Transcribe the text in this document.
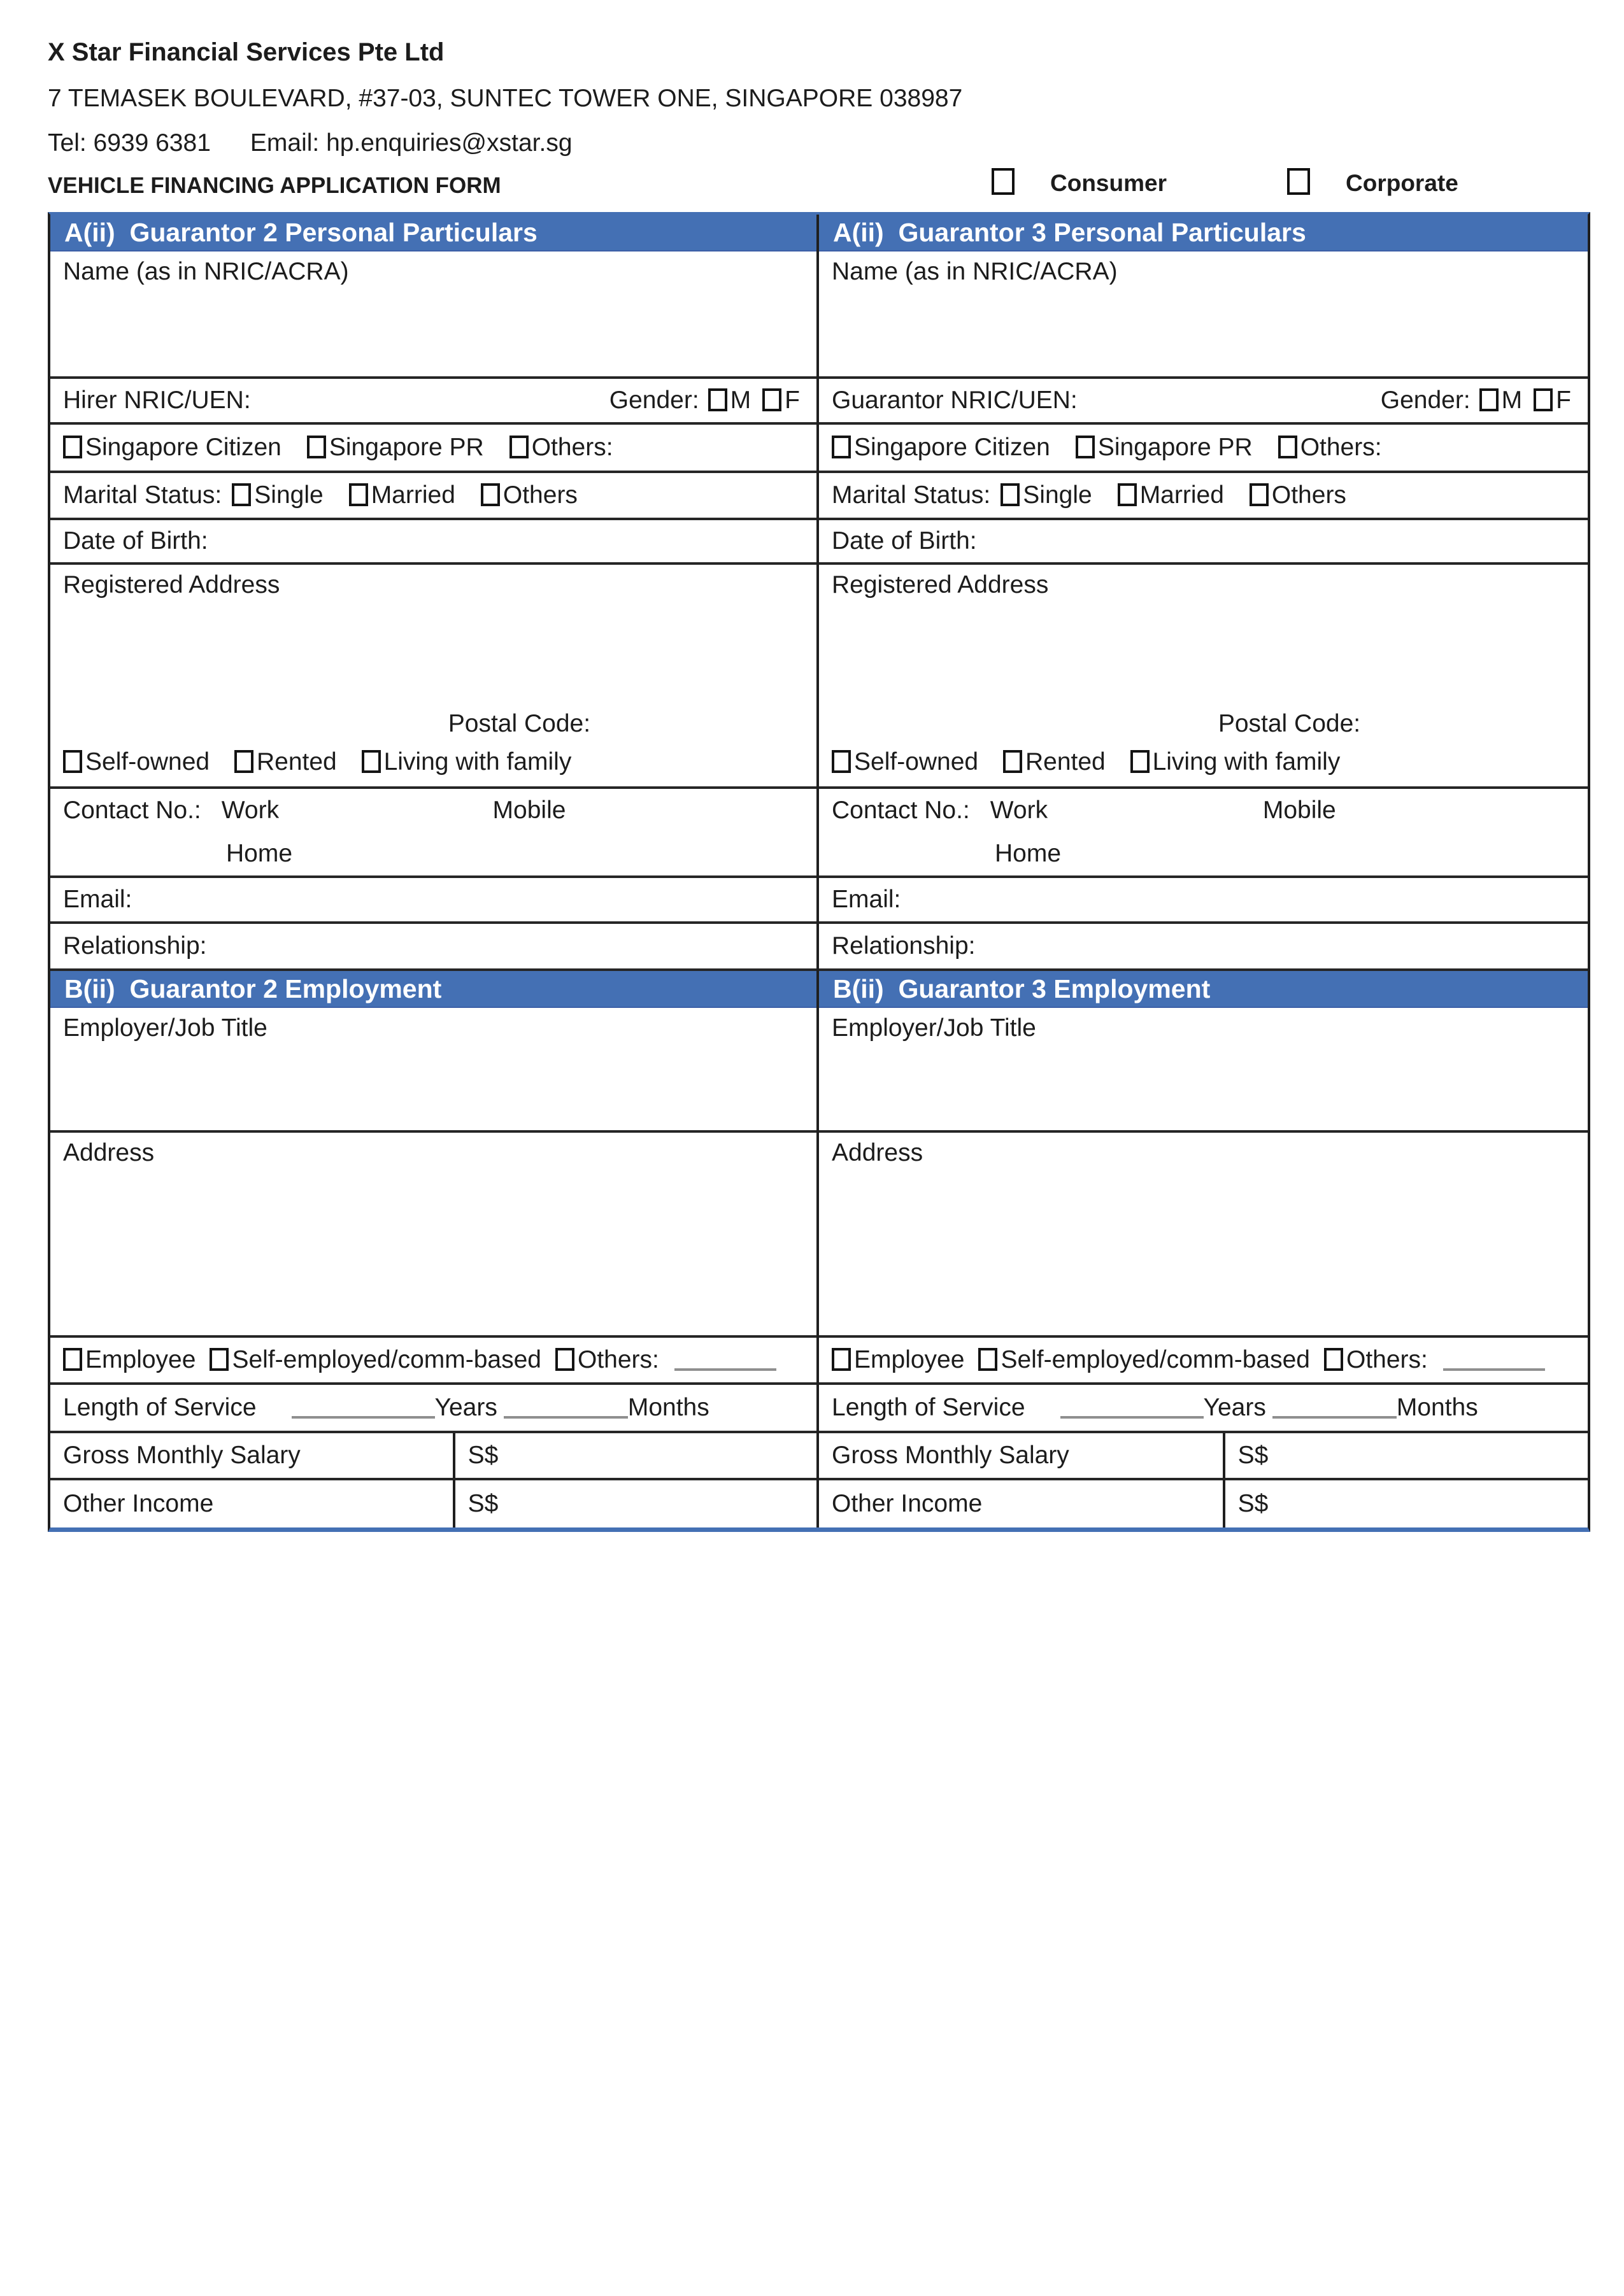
X Star Financial Services Pte Ltd
7 TEMASEK BOULEVARD, #37-03, SUNTEC TOWER ONE, SINGAPORE 038987
Tel: 6939 6381 Email: hp.enquiries@xstar.sg
VEHICLE FINANCING APPLICATION FORM	Consumer	Corporate
A(ii)  Guarantor 2 Personal Particulars
Name (as in NRIC/ACRA)
Hirer NRIC/UEN:	Gender: M F
Singapore Citizen	Singapore PR	Others:
Marital Status:	Single	Married	Others
Date of Birth:
Registered Address
Postal Code:
Self-owned Rented Living with family
Contact No.: Work	Mobile
Home
Email:
Relationship:
B(ii)  Guarantor 2 Employment
Employer/Job Title
Address
Employee	Self-employed/comm-based	Others:
Length of Service	Years	Months
Gross Monthly Salary	S$
Other Income	S$
A(ii)  Guarantor 3 Personal Particulars
Name (as in NRIC/ACRA)
Guarantor NRIC/UEN:	Gender: M F
Singapore Citizen	Singapore PR	Others:
Marital Status:	Single	Married	Others
Date of Birth:
Registered Address
Postal Code:
Self-owned Rented Living with family
Contact No.: Work	Mobile
Home
Email:
Relationship:
B(ii)  Guarantor 3 Employment
Employer/Job Title
Address
Employee	Self-employed/comm-based	Others:
Length of Service	Years	Months
Gross Monthly Salary	S$
Other Income	S$
